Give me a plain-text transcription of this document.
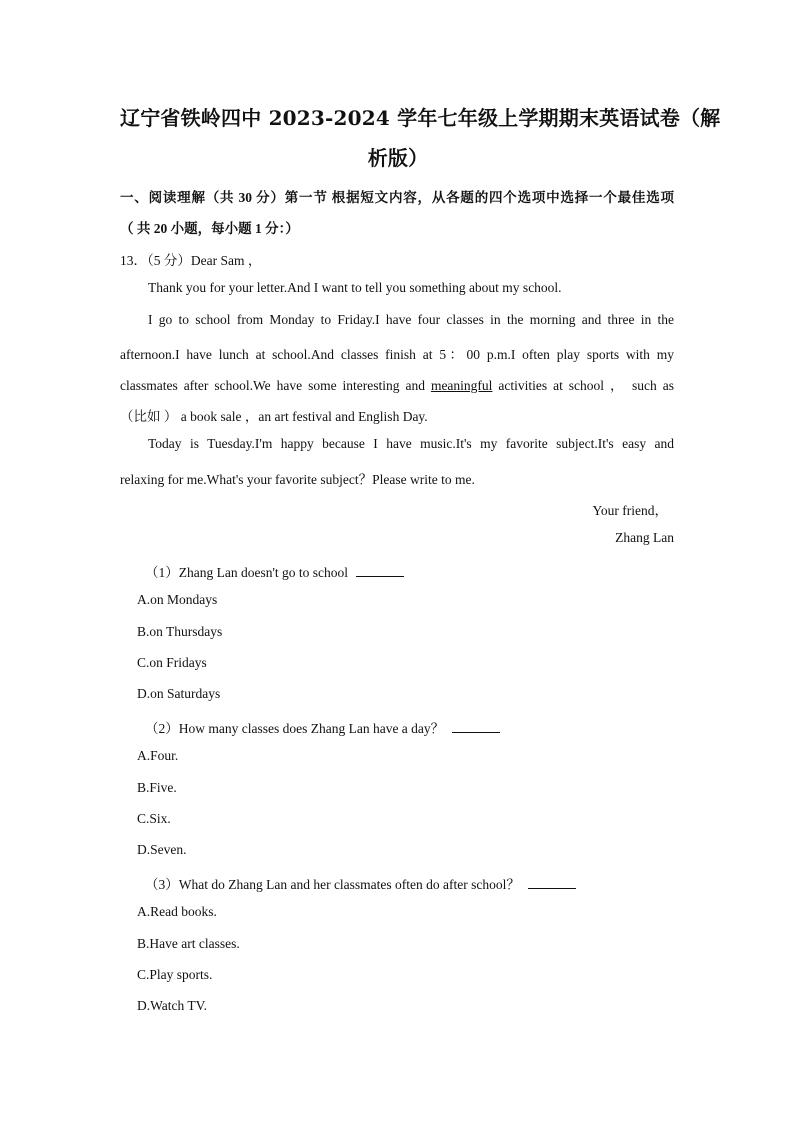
辽宁省铁岭四中 2023-2024 学年七年级上学期期末英语试卷（解
析版）
一、阅读理解（共 30 分）第一节 根据短文内容，从各题的四个选项中选择一个最佳选项
（ 共 20 小题，每小题 1 分：）
13．（5 分）Dear Sam ，
Thank you for your letter.And I want to tell you something about my school.
I go to school from Monday to Friday.I have four classes in the morning and three in the
afternoon.I have lunch at school.And classes finish at 5：00 p.m.I often play sports with my
classmates after school.We have some interesting and meaningful activities at school ， such as
（比如 ） a book sale ，an art festival and English Day.
Today is Tuesday.I'm happy because I have music.It's my favorite subject.It's easy and
relaxing for me.What's your favorite subject？Please write to me.
Your friend，
Zhang Lan
（1）Zhang Lan doesn't go to school
A.on Mondays
B.on Thursdays
C.on Fridays
D.on Saturdays
（2）How many classes does Zhang Lan have a day？
A.Four.
B.Five.
C.Six.
D.Seven.
（3）What do Zhang Lan and her classmates often do after school？
A.Read books.
B.Have art classes.
C.Play sports.
D.Watch TV.
